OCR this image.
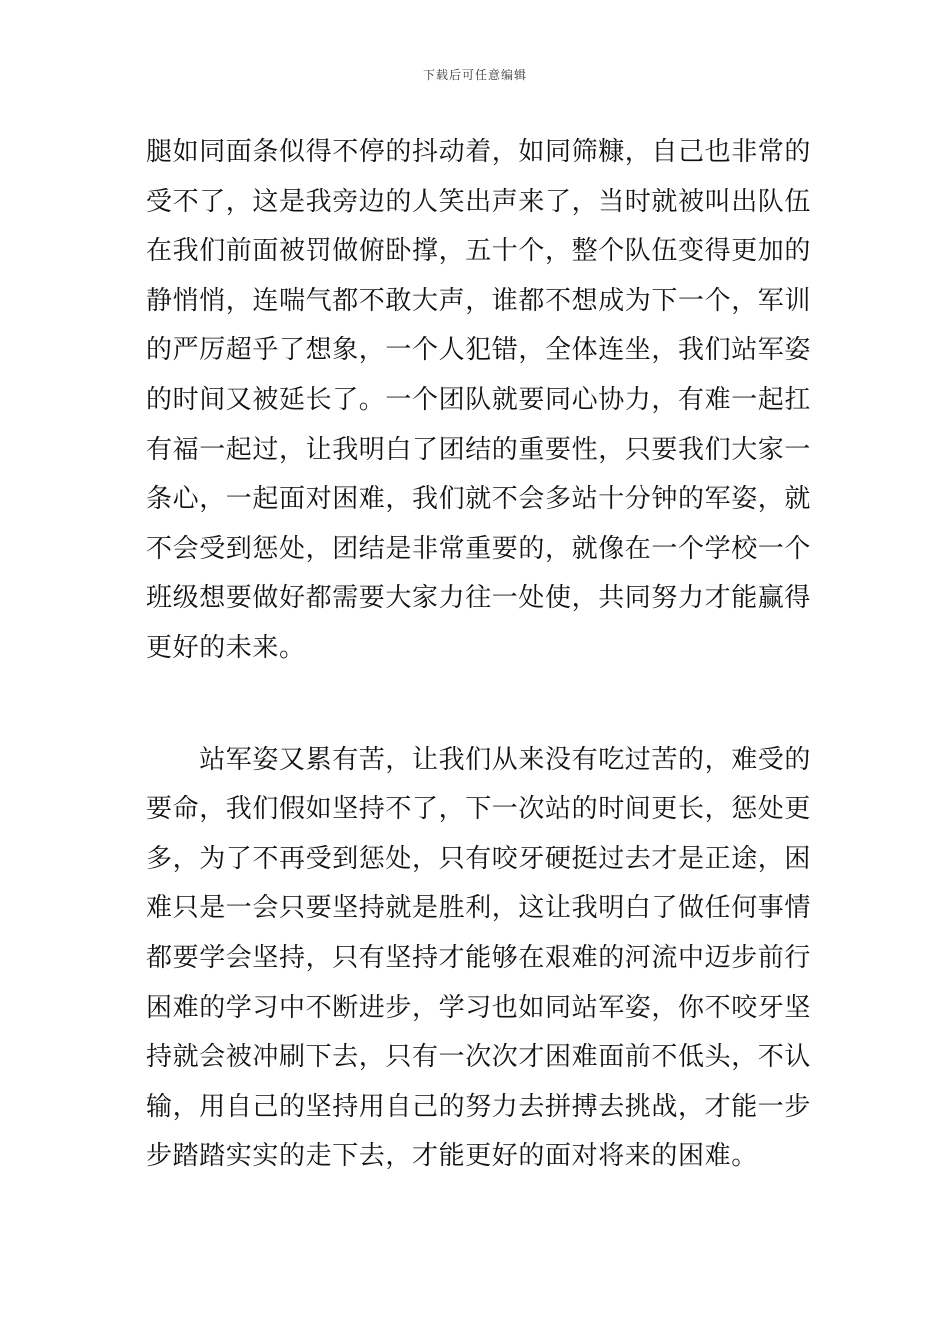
下载后可任意编辑
腿如同面条似得不停的抖动着，如同筛糠，自己也非常的
受不了，这是我旁边的人笑出声来了，当时就被叫出队伍
在我们前面被罚做俯卧撑，五十个，整个队伍变得更加的
静悄悄，连喘气都不敢大声，谁都不想成为下一个，军训
的严厉超乎了想象，一个人犯错，全体连坐，我们站军姿
的时间又被延长了。一个团队就要同心协力，有难一起扛
有福一起过，让我明白了团结的重要性，只要我们大家一
条心，一起面对困难，我们就不会多站十分钟的军姿，就
不会受到惩处，团结是非常重要的，就像在一个学校一个
班级想要做好都需要大家力往一处使，共同努力才能赢得
更好的未来。
　　站军姿又累有苦，让我们从来没有吃过苦的，难受的
要命，我们假如坚持不了，下一次站的时间更长，惩处更
多，为了不再受到惩处，只有咬牙硬挺过去才是正途，困
难只是一会只要坚持就是胜利，这让我明白了做任何事情
都要学会坚持，只有坚持才能够在艰难的河流中迈步前行
困难的学习中不断进步，学习也如同站军姿，你不咬牙坚
持就会被冲刷下去，只有一次次才困难面前不低头，不认
输，用自己的坚持用自己的努力去拼搏去挑战，才能一步
步踏踏实实的走下去，才能更好的面对将来的困难。
